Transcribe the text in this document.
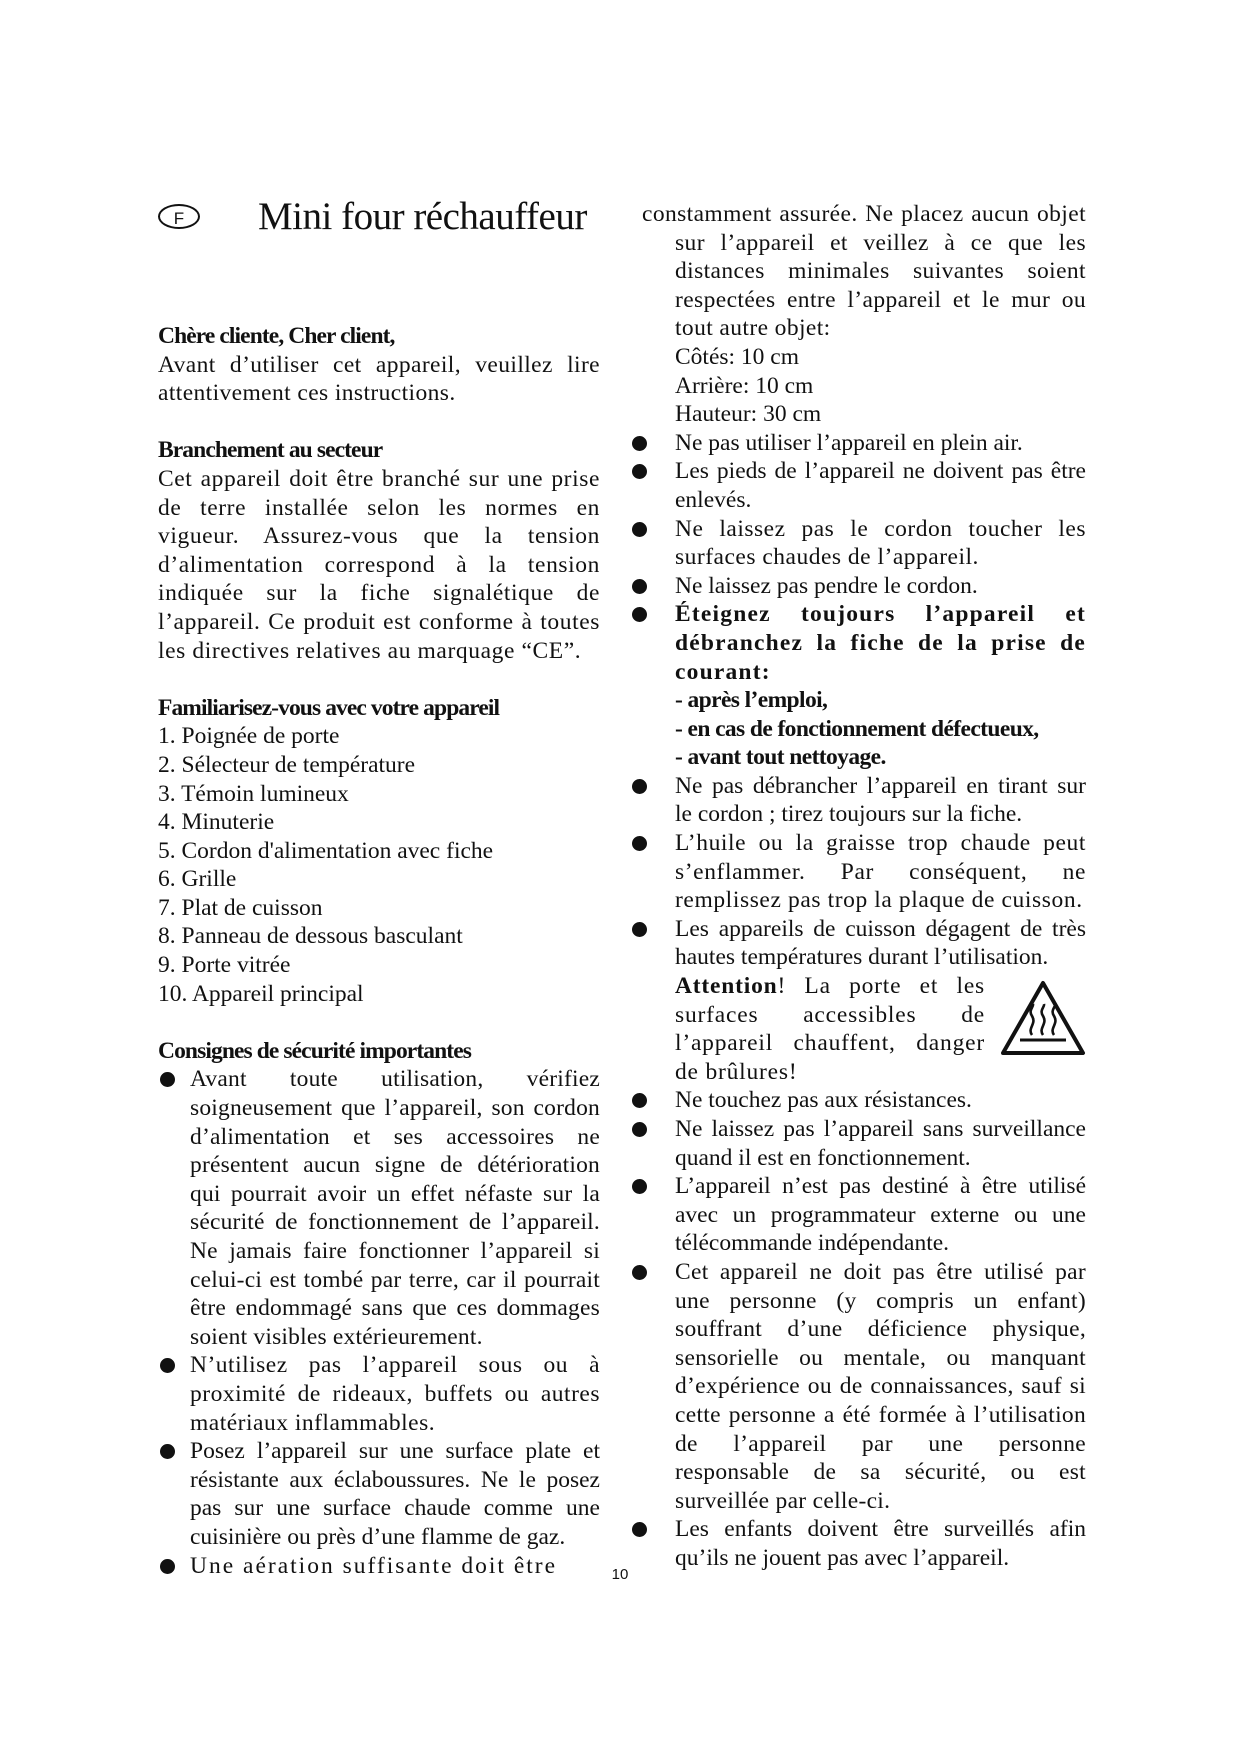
F	Mini four réchauffeur
Chère cliente, Cher client,

Avant d’utiliser cet appareil, veuillez lire attentivement ces instructions.

Branchement au secteur

Cet appareil doit être branché sur une prise de terre installée selon les normes en vigueur. Assurez-vous que la tension d’alimentation correspond à la tension indiquée sur la fiche signalétique de l’appareil. Ce produit est conforme à toutes les directives relatives au marquage “CE”.

Familiarisez-vous avec votre appareil
1. Poignée de porte
2. Sélecteur de température
3. Témoin lumineux
4. Minuterie
5. Cordon d'alimentation avec fiche
6. Grille
7. Plat de cuisson
8. Panneau de dessous basculant
9. Porte vitrée
10. Appareil principal
Consignes de sécurité importantes
Avant toute utilisation, vérifiez soigneusement que l’appareil, son cordon d’alimentation et ses accessoires ne présentent aucun signe de détérioration qui pourrait avoir un effet néfaste sur la sécurité de fonctionnement de l’appareil. Ne jamais faire fonctionner l’appareil si celui-ci est tombé par terre, car il pourrait être endommagé sans que ces dommages soient visibles extérieurement.
N’utilisez pas l’appareil sous ou à proximité de rideaux, buffets ou autres matériaux inflammables.
Posez l’appareil sur une surface plate et résistante aux éclaboussures. Ne le posez pas sur une surface chaude comme une cuisinière ou près d’une flamme de gaz.
Une aération suffisante doit être

constamment assurée. Ne placez aucun objet sur l’appareil et veillez à ce que les distances minimales suivantes soient respectées entre l’appareil et le mur ou tout autre objet:

Côtés: 10 cm
Arrière: 10 cm
Hauteur: 30 cm
Ne pas utiliser l’appareil en plein air.
Les pieds de l’appareil ne doivent pas être enlevés.
Ne laissez pas le cordon toucher les surfaces chaudes de l’appareil.
Ne laissez pas pendre le cordon.
Éteignez toujours l’appareil et débranchez la fiche de la prise de courant:
- après l’emploi,
- en cas de fonctionnement défectueux,
- avant tout nettoyage.
Ne pas débrancher l’appareil en tirant sur le cordon ; tirez toujours sur la fiche.
L’huile ou la graisse trop chaude peut s’enflammer. Par conséquent, ne remplissez pas trop la plaque de cuisson.
Les appareils de cuisson dégagent de très hautes températures durant l’utilisation.
Attention! La porte et les surfaces accessibles de l’appareil chauffent, danger de brûlures!
Ne touchez pas aux résistances.
Ne laissez pas l’appareil sans surveillance quand il est en fonctionnement.
L’appareil n’est pas destiné à être utilisé avec un programmateur externe ou une télécommande indépendante.
Cet appareil ne doit pas être utilisé par une personne (y compris un enfant) souffrant d’une déficience physique, sensorielle ou mentale, ou manquant d’expérience ou de connaissances, sauf si cette personne a été formée à l’utilisation de l’appareil par une personne responsable de sa sécurité, ou est surveillée par celle-ci.
Les enfants doivent être surveillés afin qu’ils ne jouent pas avec l’appareil.
10
